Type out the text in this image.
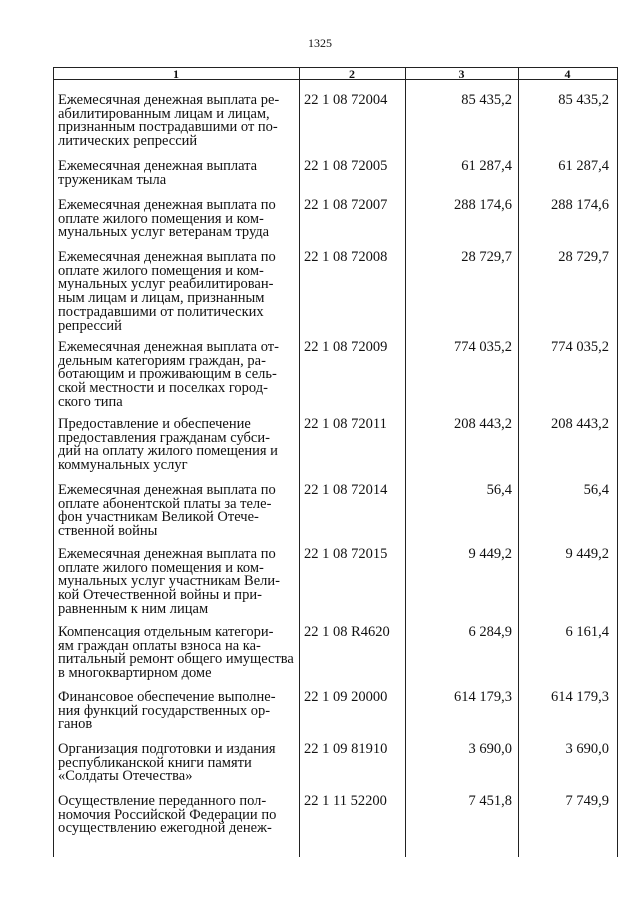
1325
1	2	3	4
Ежемесячная денежная выплата ре-
абилитированным лицам и лицам,
признанным пострадавшими от по-
литических репрессий
22 1 08 72004	85 435,2	85 435,2
Ежемесячная денежная выплата
труженикам тыла
22 1 08 72005	61 287,4	61 287,4
Ежемесячная денежная выплата по
оплате жилого помещения и ком-
мунальных услуг ветеранам труда
22 1 08 72007	288 174,6	288 174,6
Ежемесячная денежная выплата по
оплате жилого помещения и ком-
мунальных услуг реабилитирован-
ным лицам и лицам, признанным
пострадавшими от политических
репрессий
22 1 08 72008	28 729,7	28 729,7
Ежемесячная денежная выплата от-
дельным категориям граждан, ра-
ботающим и проживающим в сель-
ской местности и поселках город-
ского типа
22 1 08 72009	774 035,2	774 035,2
Предоставление и обеспечение
предоставления гражданам субси-
дий на оплату жилого помещения и
коммунальных услуг
22 1 08 72011	208 443,2	208 443,2
Ежемесячная денежная выплата по
оплате абонентской платы за теле-
фон участникам Великой Отече-
ственной войны
22 1 08 72014	56,4	56,4
Ежемесячная денежная выплата по
оплате жилого помещения и ком-
мунальных услуг участникам Вели-
кой Отечественной войны и при-
равненным к ним лицам
22 1 08 72015	9 449,2	9 449,2
Компенсация отдельным категори-
ям граждан оплаты взноса на ка-
питальный ремонт общего имущества
в многоквартирном доме
22 1 08 R4620	6 284,9	6 161,4
Финансовое обеспечение выполне-
ния функций государственных ор-
ганов
22 1 09 20000	614 179,3	614 179,3
Организация подготовки и издания
республиканской книги памяти
«Солдаты Отечества»
22 1 09 81910	3 690,0	3 690,0
Осуществление переданного пол-
номочия Российской Федерации по
осуществлению ежегодной денеж-
22 1 11 52200	7 451,8	7 749,9
